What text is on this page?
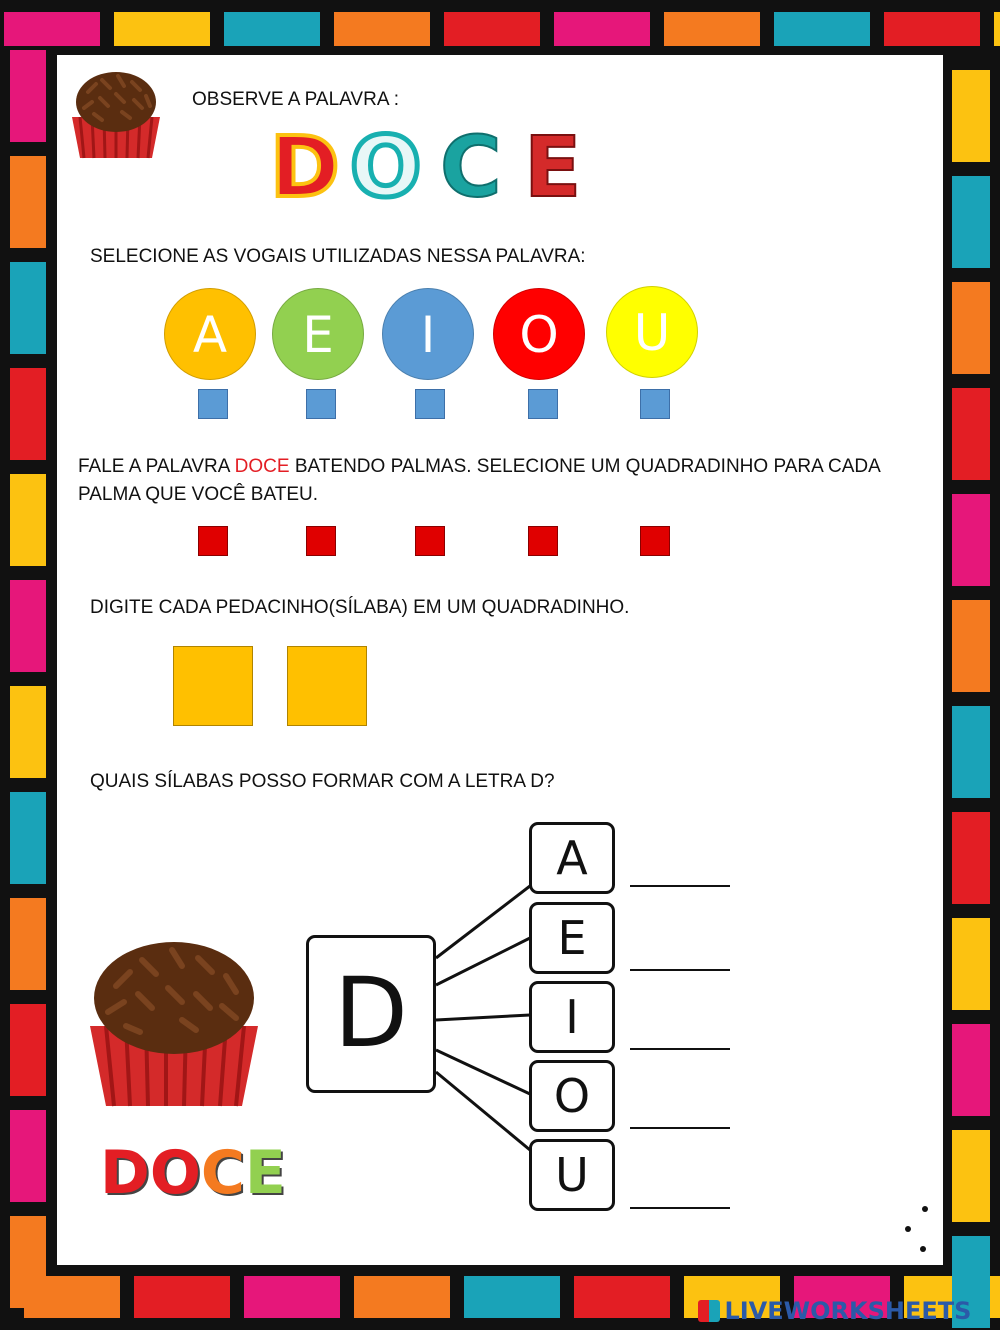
OBSERVE A PALAVRA :
D O C E
SELECIONE AS VOGAIS UTILIZADAS NESSA PALAVRA:
A	E	I	O	U
FALE A PALAVRA DOCE BATENDO PALMAS. SELECIONE UM QUADRADINHO PARA CADA
PALMA QUE VOCÊ BATEU.
DIGITE CADA PEDACINHO(SÍLABA) EM UM QUADRADINHO.
QUAIS SÍLABAS POSSO FORMAR COM A LETRA D?
D
A
E
I
O
U
DOCE
LIVEWORKSHEETS
